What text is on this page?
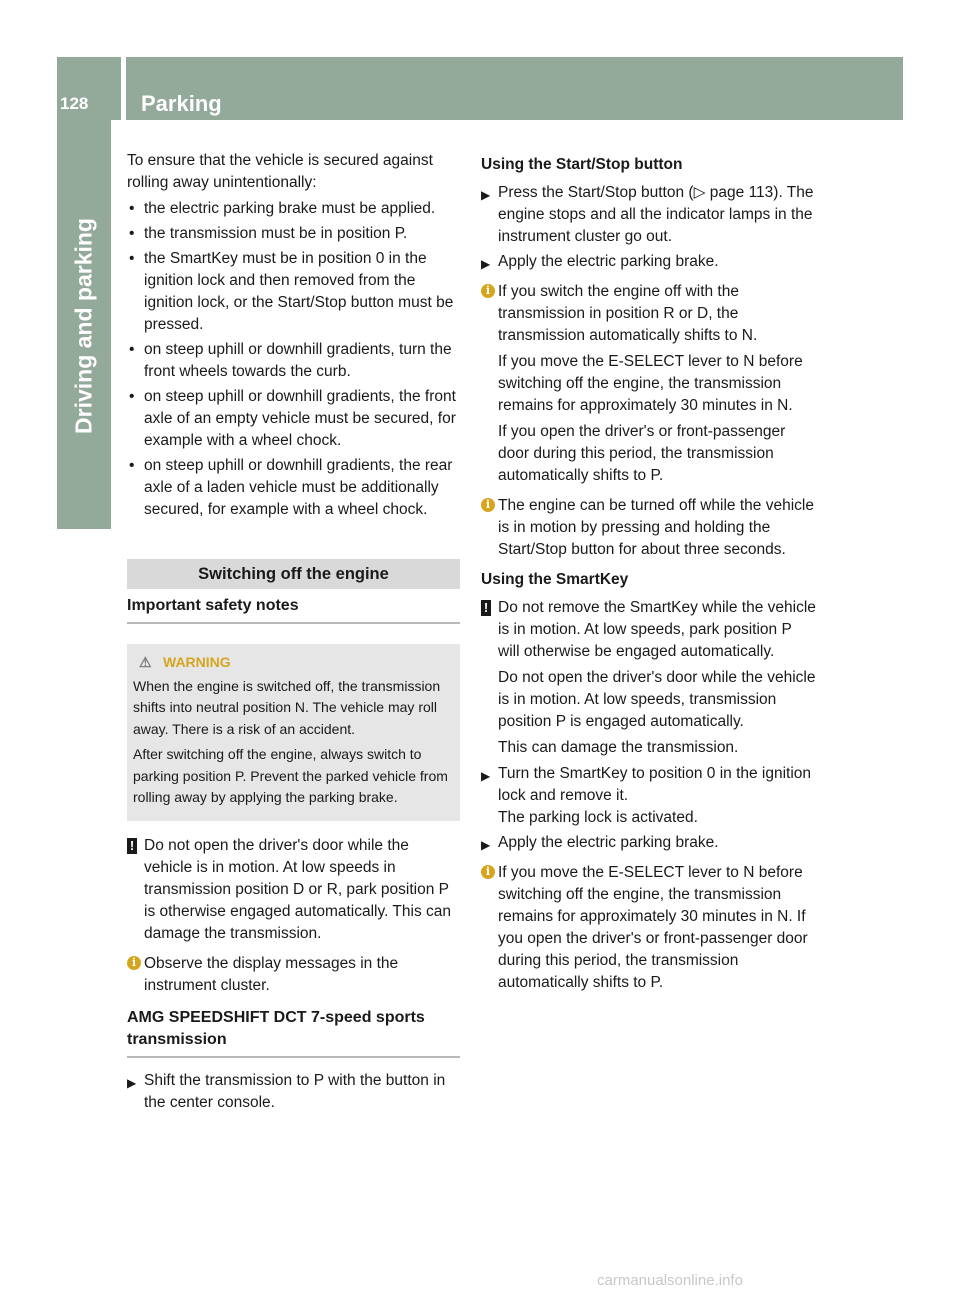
128	Parking
Driving and parking

To ensure that the vehicle is secured against rolling away unintentionally:

• the electric parking brake must be applied.
• the transmission must be in position P.
• the SmartKey must be in position 0 in the ignition lock and then removed from the ignition lock, or the Start/Stop button must be pressed.
• on steep uphill or downhill gradients, turn the front wheels towards the curb.
• on steep uphill or downhill gradients, the front axle of an empty vehicle must be secured, for example with a wheel chock.
• on steep uphill or downhill gradients, the rear axle of a laden vehicle must be additionally secured, for example with a wheel chock.
Switching off the engine
Important safety notes
⚠ WARNING

When the engine is switched off, the transmission shifts into neutral position N. The vehicle may roll away. There is a risk of an accident.

After switching off the engine, always switch to parking position P. Prevent the parked vehicle from rolling away by applying the parking brake.

! Do not open the driver's door while the vehicle is in motion. At low speeds in transmission position D or R, park position P is otherwise engaged automatically. This can damage the transmission.
i Observe the display messages in the instrument cluster.
AMG SPEEDSHIFT DCT 7-speed sports transmission
▶ Shift the transmission to P with the button in the center console.
Using the Start/Stop button
▶ Press the Start/Stop button (▷ page 113). The engine stops and all the indicator lamps in the instrument cluster go out.
▶ Apply the electric parking brake.
i If you switch the engine off with the transmission in position R or D, the transmission automatically shifts to N.

If you move the E-SELECT lever to N before switching off the engine, the transmission remains for approximately 30 minutes in N.

If you open the driver's or front-passenger door during this period, the transmission automatically shifts to P.

i The engine can be turned off while the vehicle is in motion by pressing and holding the Start/Stop button for about three seconds.
Using the SmartKey
! Do not remove the SmartKey while the vehicle is in motion. At low speeds, park position P will otherwise be engaged automatically.

Do not open the driver's door while the vehicle is in motion. At low speeds, transmission position P is engaged automatically.

This can damage the transmission.

▶ Turn the SmartKey to position 0 in the ignition lock and remove it.
The parking lock is activated.
▶ Apply the electric parking brake.
i If you move the E-SELECT lever to N before switching off the engine, the transmission remains for approximately 30 minutes in N. If you open the driver's or front-passenger door during this period, the transmission automatically shifts to P.
carmanualsonline.info
